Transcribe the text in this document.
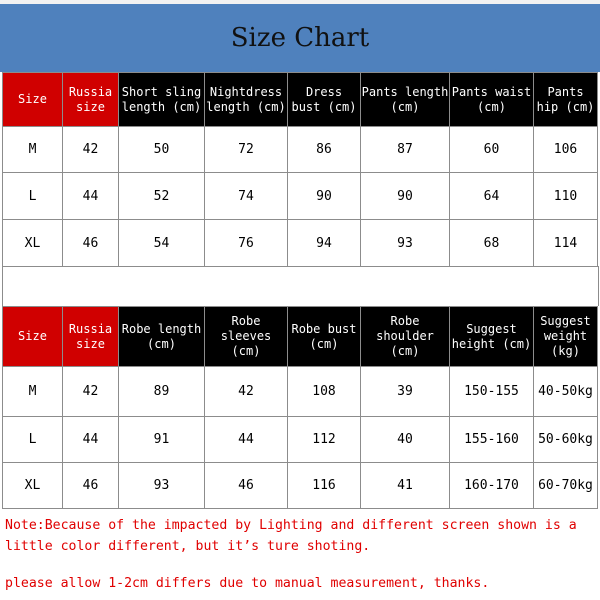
Size Chart
Size	Russia size	Short sling length (cm)	Nightdress length (cm)	Dress bust (cm)	Pants length (cm)	Pants waist (cm)	Pants hip (cm)
M	42	50	72	86	87	60	106
L	44	52	74	90	90	64	110
XL	46	54	76	94	93	68	114
Size	Russia size	Robe length (cm)	Robe sleeves (cm)	Robe bust (cm)	Robe shoulder (cm)	Suggest height (cm)	Suggest weight (kg)
M	42	89	42	108	39	150-155	40-50kg
L	44	91	44	112	40	155-160	50-60kg
XL	46	93	46	116	41	160-170	60-70kg
Note:Because of the impacted by Lighting and different screen shown is a little color different, but it’s ture shoting.
please allow 1-2cm differs due to manual measurement, thanks.
